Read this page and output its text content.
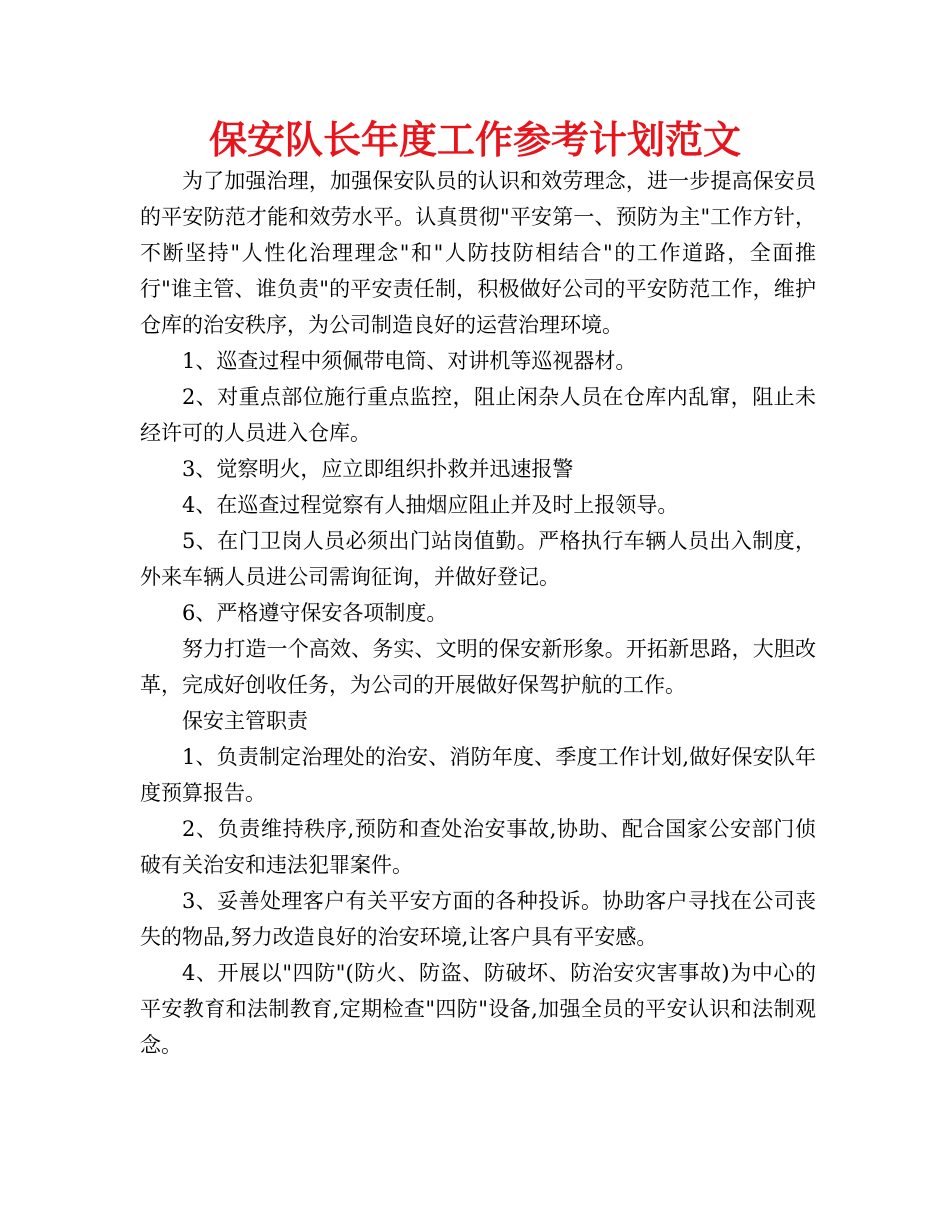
保安队长年度工作参考计划范文

为了加强治理，加强保安队员的认识和效劳理念，进一步提高保安员的平安防范才能和效劳水平。认真贯彻"平安第一、预防为主"工作方针，不断坚持"人性化治理理念"和"人防技防相结合"的工作道路，全面推行"谁主管、谁负责"的平安责任制，积极做好公司的平安防范工作，维护仓库的治安秩序，为公司制造良好的运营治理环境。

1、巡查过程中须佩带电筒、对讲机等巡视器材。

2、对重点部位施行重点监控，阻止闲杂人员在仓库内乱窜，阻止未经许可的人员进入仓库。

3、觉察明火，应立即组织扑救并迅速报警

4、在巡查过程觉察有人抽烟应阻止并及时上报领导。

5、在门卫岗人员必须出门站岗值勤。严格执行车辆人员出入制度，外来车辆人员进公司需询征询，并做好登记。

6、严格遵守保安各项制度。

努力打造一个高效、务实、文明的保安新形象。开拓新思路，大胆改革，完成好创收任务，为公司的开展做好保驾护航的工作。

保安主管职责

1、负责制定治理处的治安、消防年度、季度工作计划,做好保安队年度预算报告。

2、负责维持秩序,预防和查处治安事故,协助、配合国家公安部门侦破有关治安和违法犯罪案件。

3、妥善处理客户有关平安方面的各种投诉。协助客户寻找在公司丧失的物品,努力改造良好的治安环境,让客户具有平安感。

4、开展以"四防"(防火、防盗、防破坏、防治安灾害事故)为中心的平安教育和法制教育,定期检查"四防"设备,加强全员的平安认识和法制观念。
